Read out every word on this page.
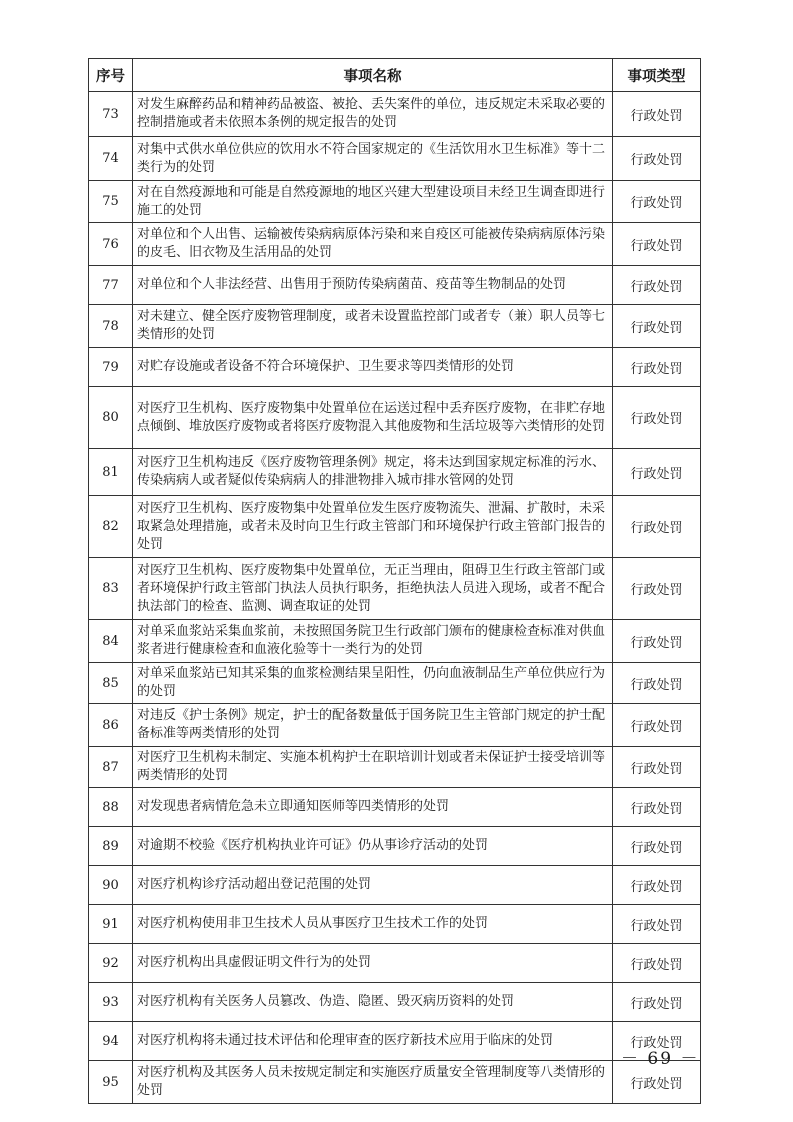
序号	事项名称	事项类型
73	对发生麻醉药品和精神药品被盗、被抢、丢失案件的单位，违反规定未采取必要的控制措施或者未依照本条例的规定报告的处罚	行政处罚
74	对集中式供水单位供应的饮用水不符合国家规定的《生活饮用水卫生标准》等十二类行为的处罚	行政处罚
75	对在自然疫源地和可能是自然疫源地的地区兴建大型建设项目未经卫生调查即进行施工的处罚	行政处罚
76	对单位和个人出售、运输被传染病病原体污染和来自疫区可能被传染病病原体污染的皮毛、旧衣物及生活用品的处罚	行政处罚
77	对单位和个人非法经营、出售用于预防传染病菌苗、疫苗等生物制品的处罚	行政处罚
78	对未建立、健全医疗废物管理制度，或者未设置监控部门或者专（兼）职人员等七类情形的处罚	行政处罚
79	对贮存设施或者设备不符合环境保护、卫生要求等四类情形的处罚	行政处罚
80	对医疗卫生机构、医疗废物集中处置单位在运送过程中丢弃医疗废物，在非贮存地点倾倒、堆放医疗废物或者将医疗废物混入其他废物和生活垃圾等六类情形的处罚	行政处罚
81	对医疗卫生机构违反《医疗废物管理条例》规定，将未达到国家规定标准的污水、传染病病人或者疑似传染病病人的排泄物排入城市排水管网的处罚	行政处罚
82	对医疗卫生机构、医疗废物集中处置单位发生医疗废物流失、泄漏、扩散时，未采取紧急处理措施，或者未及时向卫生行政主管部门和环境保护行政主管部门报告的处罚	行政处罚
83	对医疗卫生机构、医疗废物集中处置单位，无正当理由，阻碍卫生行政主管部门或者环境保护行政主管部门执法人员执行职务，拒绝执法人员进入现场，或者不配合执法部门的检查、监测、调查取证的处罚	行政处罚
84	对单采血浆站采集血浆前，未按照国务院卫生行政部门颁布的健康检查标准对供血浆者进行健康检查和血液化验等十一类行为的处罚	行政处罚
85	对单采血浆站已知其采集的血浆检测结果呈阳性，仍向血液制品生产单位供应行为的处罚	行政处罚
86	对违反《护士条例》规定，护士的配备数量低于国务院卫生主管部门规定的护士配备标准等两类情形的处罚	行政处罚
87	对医疗卫生机构未制定、实施本机构护士在职培训计划或者未保证护士接受培训等两类情形的处罚	行政处罚
88	对发现患者病情危急未立即通知医师等四类情形的处罚	行政处罚
89	对逾期不校验《医疗机构执业许可证》仍从事诊疗活动的处罚	行政处罚
90	对医疗机构诊疗活动超出登记范围的处罚	行政处罚
91	对医疗机构使用非卫生技术人员从事医疗卫生技术工作的处罚	行政处罚
92	对医疗机构出具虚假证明文件行为的处罚	行政处罚
93	对医疗机构有关医务人员篡改、伪造、隐匿、毁灭病历资料的处罚	行政处罚
94	对医疗机构将未通过技术评估和伦理审查的医疗新技术应用于临床的处罚	行政处罚
95	对医疗机构及其医务人员未按规定制定和实施医疗质量安全管理制度等八类情形的处罚	行政处罚
－ 69 －
